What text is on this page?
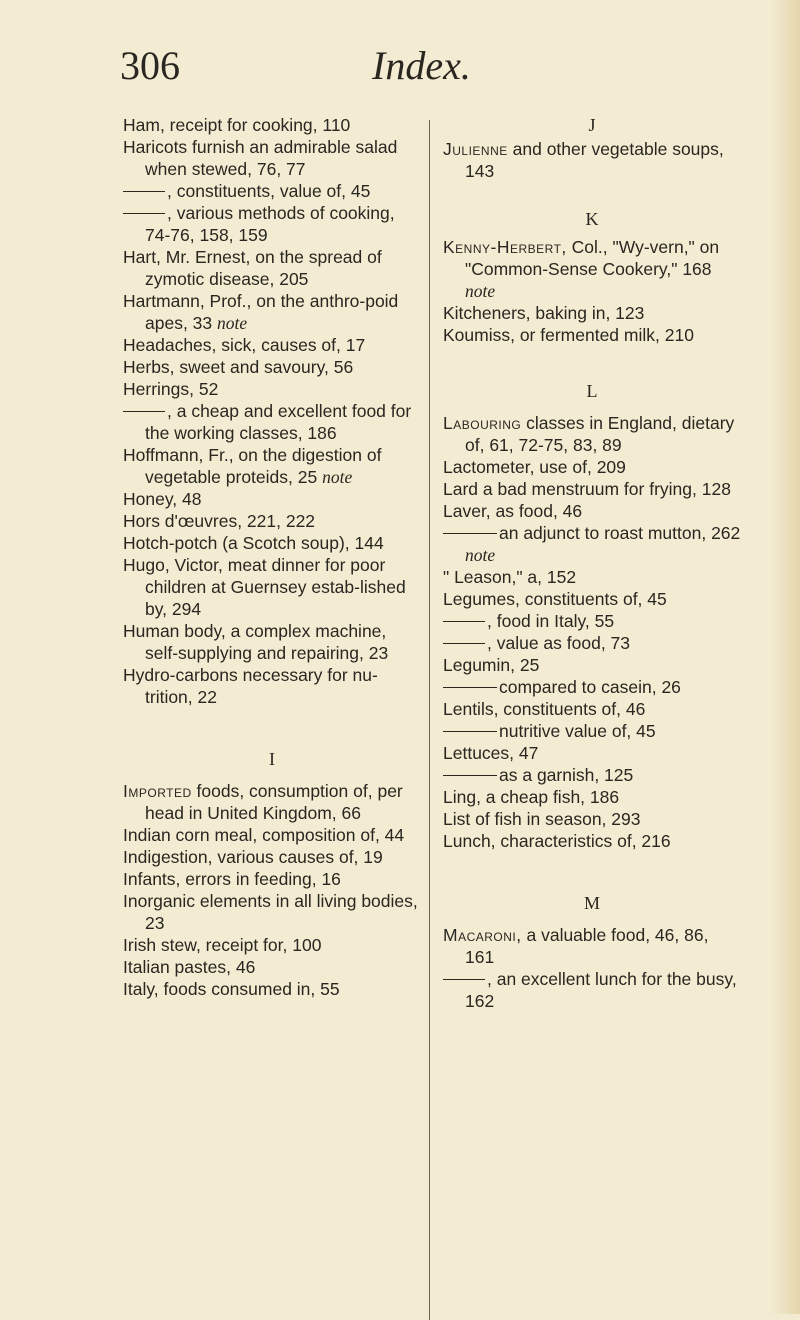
306	Index.

Ham, receipt for cooking, 110

Haricots furnish an admirable salad when stewed, 76, 77

, constituents, value of, 45

, various methods of cooking, 74-76, 158, 159

Hart, Mr. Ernest, on the spread of zymotic disease, 205

Hartmann, Prof., on the anthro-poid apes, 33 note

Headaches, sick, causes of, 17

Herbs, sweet and savoury, 56

Herrings, 52

, a cheap and excellent food for the working classes, 186

Hoffmann, Fr., on the digestion of vegetable proteids, 25 note

Honey, 48

Hors d'œuvres, 221, 222

Hotch-potch (a Scotch soup), 144

Hugo, Victor, meat dinner for poor children at Guernsey estab-lished by, 294

Human body, a complex machine, self-supplying and repairing, 23

Hydro-carbons necessary for nu-trition, 22

I

Imported foods, consumption of, per head in United Kingdom, 66

Indian corn meal, composition of, 44

Indigestion, various causes of, 19

Infants, errors in feeding, 16

Inorganic elements in all living bodies, 23

Irish stew, receipt for, 100

Italian pastes, 46

Italy, foods consumed in, 55

J

Julienne and other vegetable soups, 143

K

Kenny-Herbert, Col., "Wy-vern," on "Common-Sense Cookery," 168 note

Kitcheners, baking in, 123

Koumiss, or fermented milk, 210

L

Labouring classes in England, dietary of, 61, 72-75, 83, 89

Lactometer, use of, 209

Lard a bad menstruum for frying, 128

Laver, as food, 46

an adjunct to roast mutton, 262 note

" Leason," a, 152

Legumes, constituents of, 45

, food in Italy, 55

, value as food, 73

Legumin, 25

compared to casein, 26

Lentils, constituents of, 46

nutritive value of, 45

Lettuces, 47

as a garnish, 125

Ling, a cheap fish, 186

List of fish in season, 293

Lunch, characteristics of, 216

M

Macaroni, a valuable food, 46, 86, 161

, an excellent lunch for the busy, 162
